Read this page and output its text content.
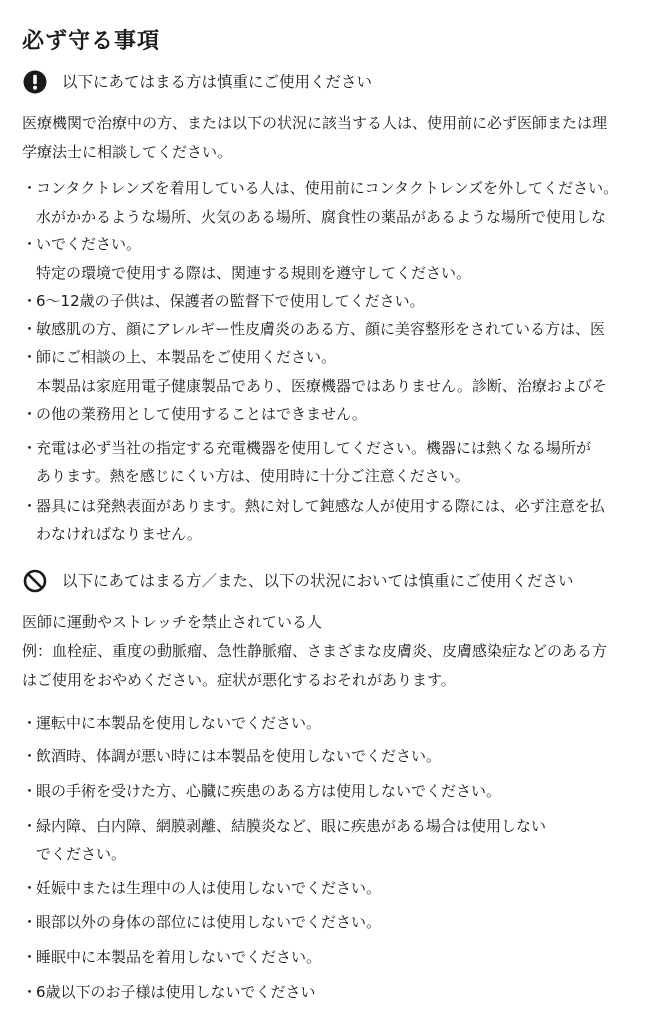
必ず守る事項
以下にあてはまる方は慎重にご使用ください
医療機関で治療中の方、または以下の状況に該当する人は、使用前に必ず医師または理
学療法士に相談してください。
・
コンタクトレンズを着用している人は、使用前にコンタクトレンズを外してください。
水がかかるような場所、火気のある場所、腐食性の薬品があるような場所で使用しな
・
いでください。
特定の環境で使用する際は、関連する規則を遵守してください。
・
6～12歳の子供は、保護者の監督下で使用してください。
・
敏感肌の方、顔にアレルギー性皮膚炎のある方、顔に美容整形をされている方は、医
・
師にご相談の上、本製品をご使用ください。
本製品は家庭用電子健康製品であり、医療機器ではありません。診断、治療およびそ
・
の他の業務用として使用することはできません。
・
充電は必ず当社の指定する充電機器を使用してください。機器には熱くなる場所が
あります。熱を感じにくい方は、使用時に十分ご注意ください。
・
器具には発熱表面があります。熱に対して鈍感な人が使用する際には、必ず注意を払
わなければなりません。
以下にあてはまる方／また、以下の状況においては慎重にご使用ください
医師に運動やストレッチを禁止されている人
例：血栓症、重度の動脈瘤、急性静脈瘤、さまざまな皮膚炎、皮膚感染症などのある方
はご使用をおやめください。症状が悪化するおそれがあります。
・
運転中に本製品を使用しないでください。
・
飲酒時、体調が悪い時には本製品を使用しないでください。
・
眼の手術を受けた方、心臓に疾患のある方は使用しないでください。
・
緑内障、白内障、網膜剥離、結膜炎など、眼に疾患がある場合は使用しない
でください。
・
妊娠中または生理中の人は使用しないでください。
・
眼部以外の身体の部位には使用しないでください。
・
睡眠中に本製品を着用しないでください。
・
6歳以下のお子様は使用しないでください
